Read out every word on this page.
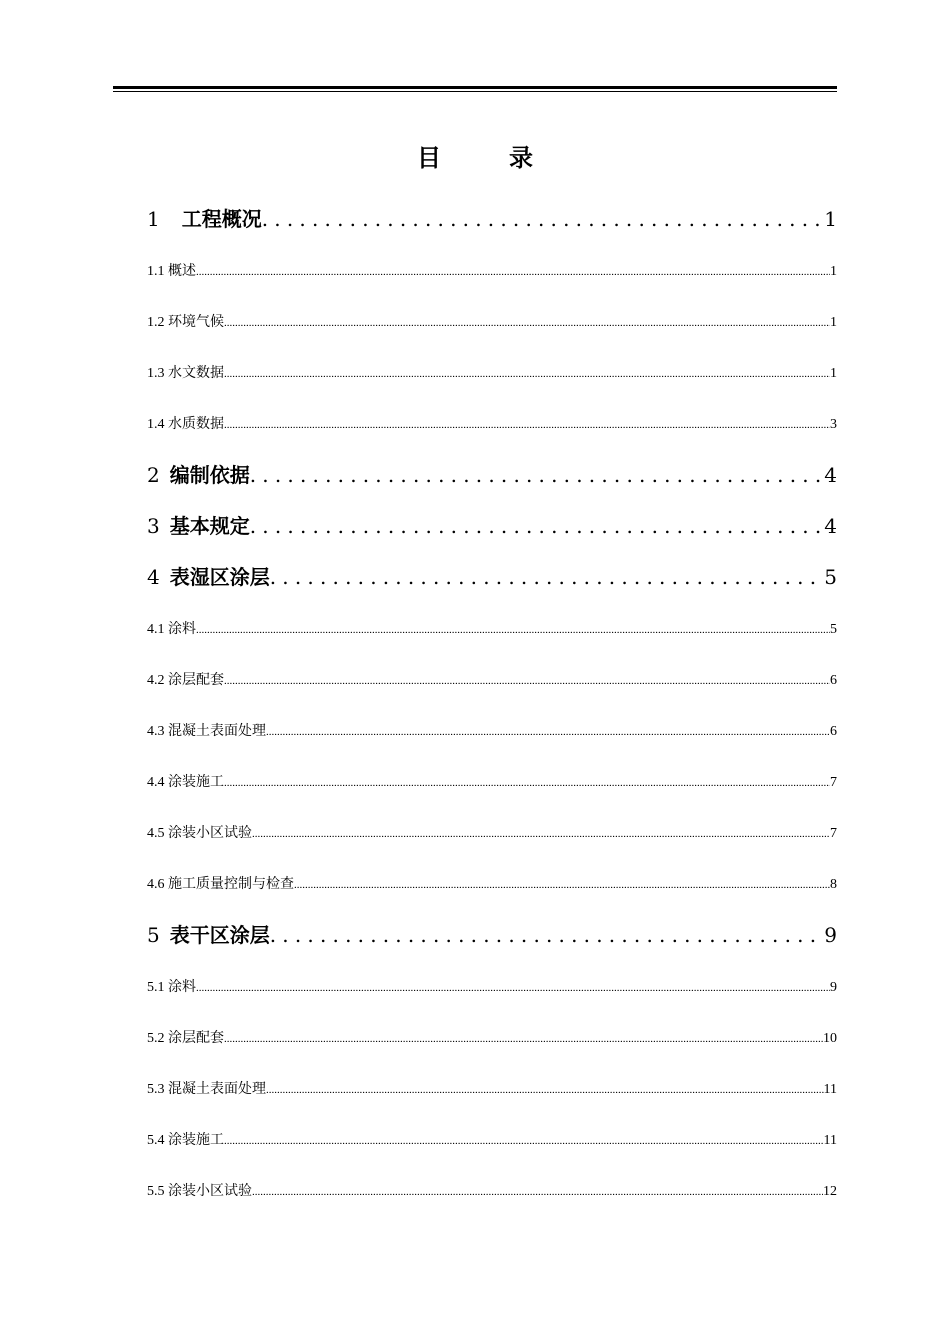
目	录
1 工程概况 .....	1
1.1 概述 .....	1
1.2 环境气候 .....	1
1.3 水文数据 .....	1
1.4 水质数据 .....	3
2 编制依据 .....	4
3 基本规定 .....	4
4 表湿区涂层 .....	5
4.1 涂料 .....	5
4.2 涂层配套 .....	6
4.3 混凝土表面处理 .....	6
4.4 涂装施工 .....	7
4.5 涂装小区试验 .....	7
4.6 施工质量控制与检查 .....	8
5 表干区涂层 .....	9
5.1 涂料 .....	9
5.2 涂层配套 .....	10
5.3 混凝土表面处理 .....	11
5.4 涂装施工 .....	11
5.5 涂装小区试验 .....	12
